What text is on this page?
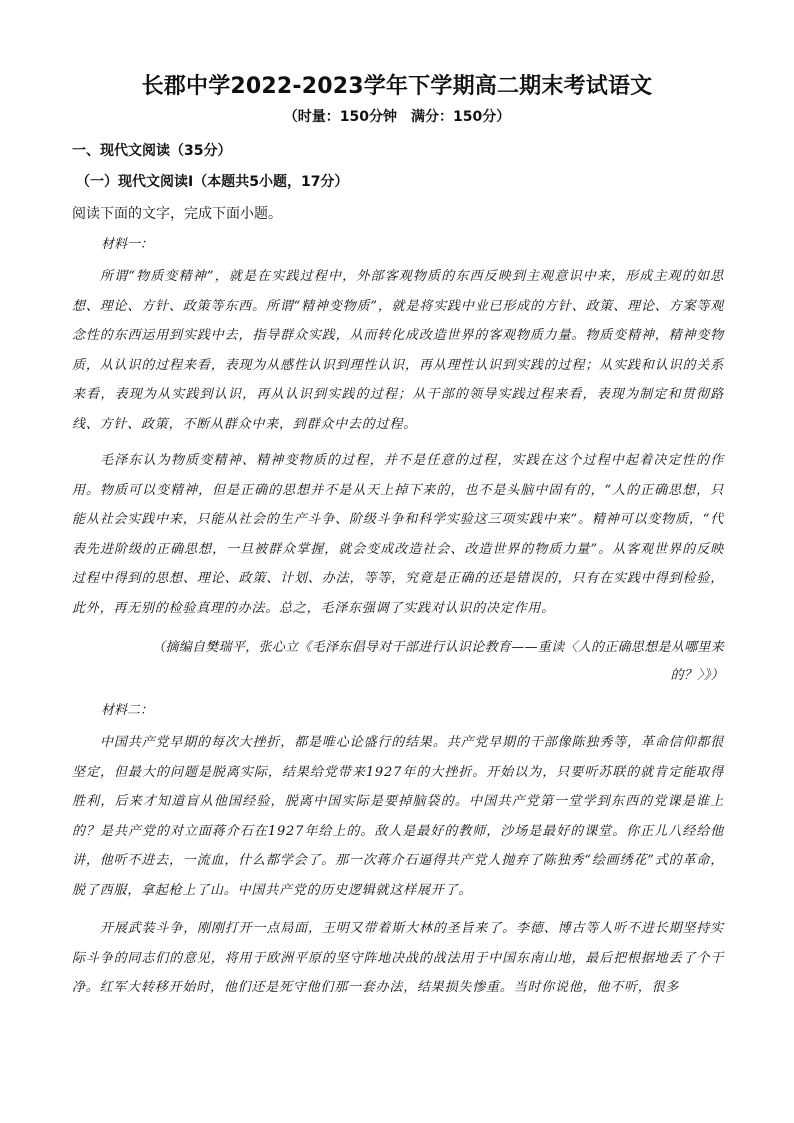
长郡中学2022-2023学年下学期高二期末考试语文
（时量：150分钟　满分：150分）
一、现代文阅读（35分）
（一）现代文阅读Ⅰ（本题共5小题，17分）
阅读下面的文字，完成下面小题。
材料一：
所谓“物质变精神”，就是在实践过程中，外部客观物质的东西反映到主观意识中来，形成主观的如思想、理论、方针、政策等东西。所谓“精神变物质”，就是将实践中业已形成的方针、政策、理论、方案等观念性的东西运用到实践中去，指导群众实践，从而转化成改造世界的客观物质力量。物质变精神，精神变物质，从认识的过程来看，表现为从感性认识到理性认识，再从理性认识到实践的过程；从实践和认识的关系来看，表现为从实践到认识，再从认识到实践的过程；从干部的领导实践过程来看，表现为制定和贯彻路线、方针、政策，不断从群众中来，到群众中去的过程。
毛泽东认为物质变精神、精神变物质的过程，并不是任意的过程，实践在这个过程中起着决定性的作用。物质可以变精神，但是正确的思想并不是从天上掉下来的，也不是头脑中固有的，“人的正确思想，只能从社会实践中来，只能从社会的生产斗争、阶级斗争和科学实验这三项实践中来”。精神可以变物质，“代表先进阶级的正确思想，一旦被群众掌握，就会变成改造社会、改造世界的物质力量”。从客观世界的反映过程中得到的思想、理论、政策、计划、办法，等等，究竟是正确的还是错误的，只有在实践中得到检验，此外，再无别的检验真理的办法。总之，毛泽东强调了实践对认识的决定作用。
（摘编自樊瑞平，张心立《毛泽东倡导对干部进行认识论教育——重读〈人的正确思想是从哪里来的？〉》）
材料二：
中国共产党早期的每次大挫折，都是唯心论盛行的结果。共产党早期的干部像陈独秀等，革命信仰都很坚定，但最大的问题是脱离实际，结果给党带来1927年的大挫折。开始以为，只要听苏联的就肯定能取得胜利，后来才知道盲从他国经验，脱离中国实际是要掉脑袋的。中国共产党第一堂学到东西的党课是谁上的？是共产党的对立面蒋介石在1927年给上的。敌人是最好的教师，沙场是最好的课堂。你正儿八经给他讲，他听不进去，一流血，什么都学会了。那一次蒋介石逼得共产党人抛弃了陈独秀“绘画绣花”式的革命，脱了西服，拿起枪上了山。中国共产党的历史逻辑就这样展开了。
开展武装斗争，刚刚打开一点局面，王明又带着斯大林的圣旨来了。李德、博古等人听不进长期坚持实际斗争的同志们的意见，将用于欧洲平原的坚守阵地决战的战法用于中国东南山地，最后把根据地丢了个干净。红军大转移开始时，他们还是死守他们那一套办法，结果损失惨重。当时你说他，他不听，很多
